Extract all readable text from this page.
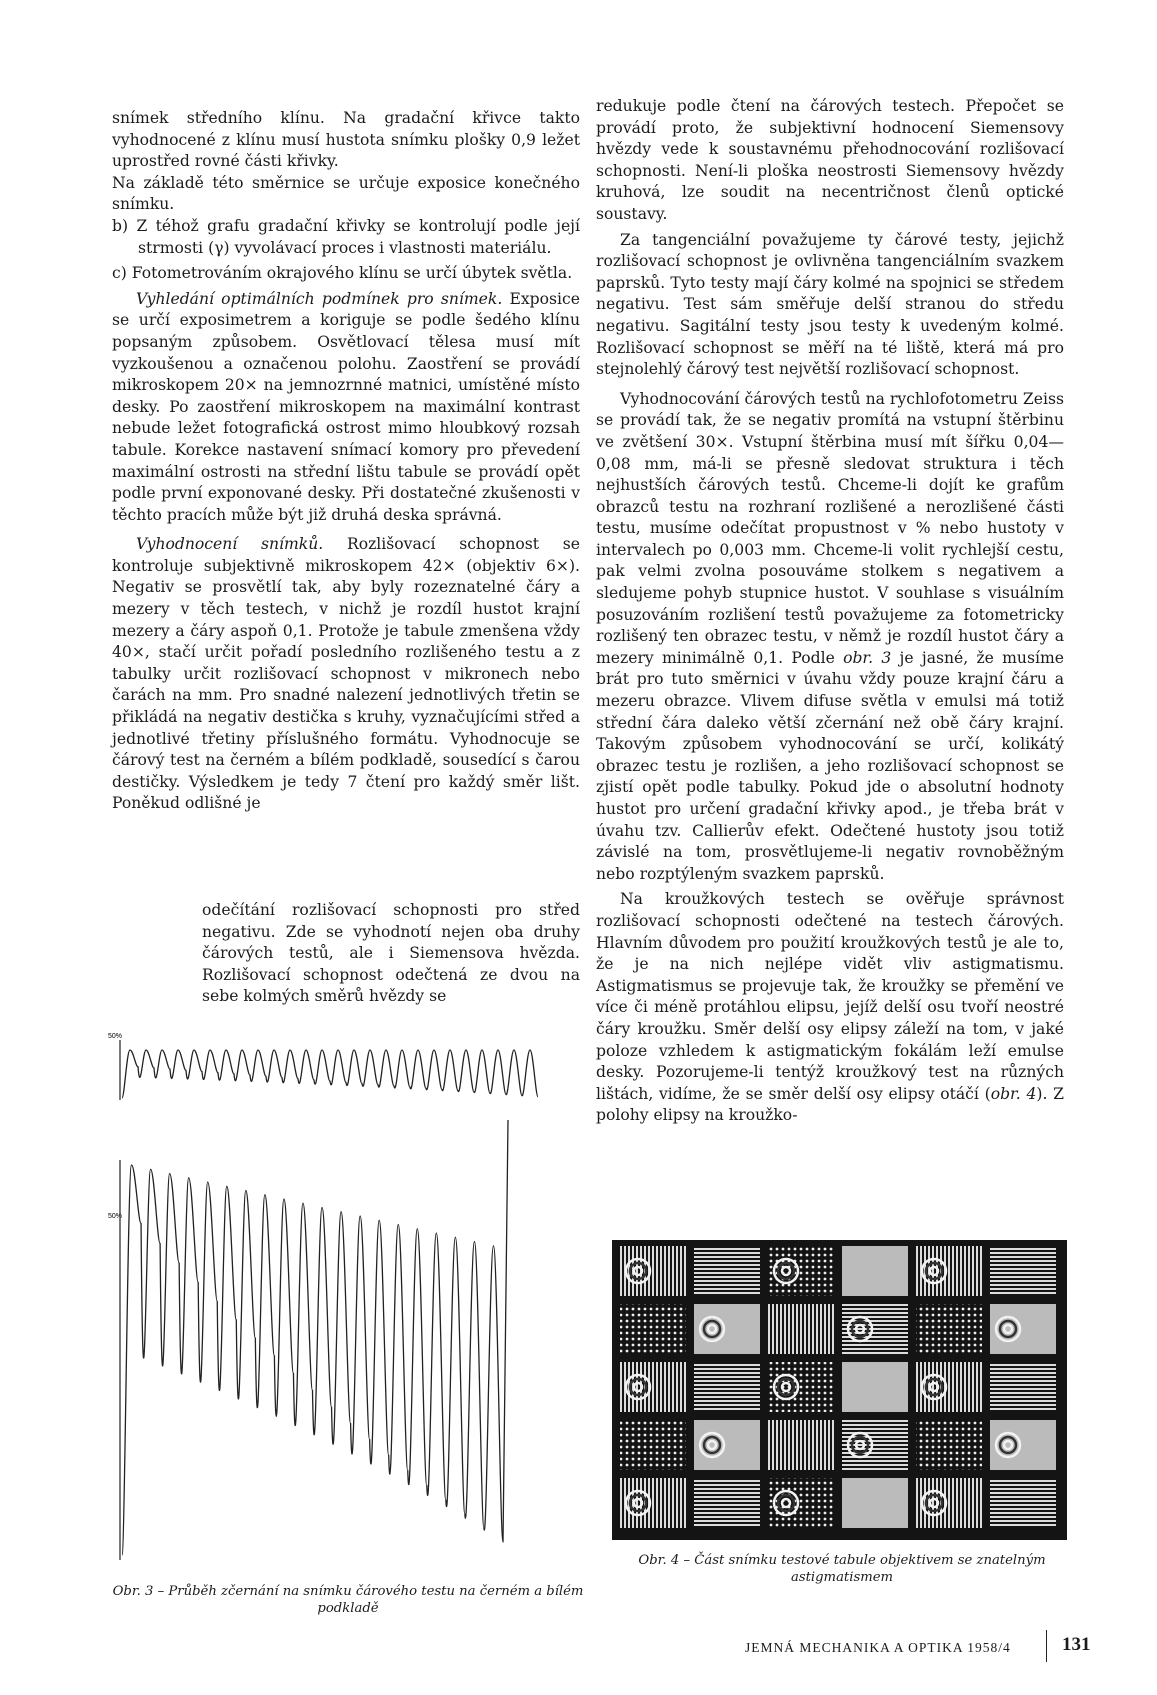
snímek středního klínu. Na gradační křivce takto vyhodnocené z klínu musí hustota snímku plošky 0,9 ležet uprostřed rovné části křivky.

Na základě této směrnice se určuje exposice konečného snímku.

b) Z téhož grafu gradační křivky se kontrolují podle její strmosti (γ) vyvolávací proces i vlastnosti materiálu.

c) Fotometrováním okrajového klínu se určí úbytek světla.

Vyhledání optimálních podmínek pro snímek. Exposice se určí exposimetrem a koriguje se podle šedého klínu popsaným způsobem. Osvětlovací tělesa musí mít vyzkoušenou a označenou polohu. Zaostření se provádí mikroskopem 20× na jemnozrnné matnici, umístěné místo desky. Po zaostření mikroskopem na maximální kontrast nebude ležet fotografická ostrost mimo hloubkový rozsah tabule. Korekce nastavení snímací komory pro převedení maximální ostrosti na střední lištu tabule se provádí opět podle první exponované desky. Při dostatečné zkušenosti v těchto pracích může být již druhá deska správná.

Vyhodnocení snímků. Rozlišovací schopnost se kontroluje subjektivně mikroskopem 42× (objektiv 6×). Negativ se prosvětlí tak, aby byly rozeznatelné čáry a mezery v těch testech, v nichž je rozdíl hustot krajní mezery a čáry aspoň 0,1. Protože je tabule zmenšena vždy 40×, stačí určit pořadí posledního rozlišeného testu a z tabulky určit rozlišovací schopnost v mikronech nebo čarách na mm. Pro snadné nalezení jednotlivých třetin se přikládá na negativ destička s kruhy, vyznačujícími střed a jednotlivé třetiny příslušného formátu. Vyhodnocuje se čárový test na černém a bílém podkladě, sousedící s čarou destičky. Výsledkem je tedy 7 čtení pro každý směr lišt. Poněkud odlišné je

odečítání rozlišovací schopnosti pro střed negativu. Zde se vyhodnotí nejen oba druhy čárových testů, ale i Siemensova hvězda. Rozlišovací schopnost odečtená ze dvou na sebe kolmých směrů hvězdy se

redukuje podle čtení na čárových testech. Přepočet se provádí proto, že subjektivní hodnocení Siemensovy hvězdy vede k soustavnému přehodnocování rozlišovací schopnosti. Není-li ploška neostrosti Siemensovy hvězdy kruhová, lze soudit na necentričnost členů optické soustavy.

Za tangenciální považujeme ty čárové testy, jejichž rozlišovací schopnost je ovlivněna tangenciálním svazkem paprsků. Tyto testy mají čáry kolmé na spojnici se středem negativu. Test sám směřuje delší stranou do středu negativu. Sagitální testy jsou testy k uvedeným kolmé. Rozlišovací schopnost se měří na té liště, která má pro stejnolehlý čárový test největší rozlišovací schopnost.

Vyhodnocování čárových testů na rychlofotometru Zeiss se provádí tak, že se negativ promítá na vstupní štěrbinu ve zvětšení 30×. Vstupní štěrbina musí mít šířku 0,04—0,08 mm, má-li se přesně sledovat struktura i těch nejhustších čárových testů. Chceme-li dojít ke grafům obrazců testu na rozhraní rozlišené a nerozlišené části testu, musíme odečítat propustnost v % nebo hustoty v intervalech po 0,003 mm. Chceme-li volit rychlejší cestu, pak velmi zvolna posouváme stolkem s negativem a sledujeme pohyb stupnice hustot. V souhlase s visuálním posuzováním rozlišení testů považujeme za fotometricky rozlišený ten obrazec testu, v němž je rozdíl hustot čáry a mezery minimálně 0,1. Podle obr. 3 je jasné, že musíme brát pro tuto směrnici v úvahu vždy pouze krajní čáru a mezeru obrazce. Vlivem difuse světla v emulsi má totiž střední čára daleko větší zčernání než obě čáry krajní. Takovým způsobem vyhodnocování se určí, kolikátý obrazec testu je rozlišen, a jeho rozlišovací schopnost se zjistí opět podle tabulky. Pokud jde o absolutní hodnoty hustot pro určení gradační křivky apod., je třeba brát v úvahu tzv. Callierův efekt. Odečtené hustoty jsou totiž závislé na tom, prosvětlujeme-li negativ rovnoběžným nebo rozptýleným svazkem paprsků.

Na kroužkových testech se ověřuje správnost rozlišovací schopnosti odečtené na testech čárových. Hlavním důvodem pro použití kroužkových testů je ale to, že je na nich nejlépe vidět vliv astigmatismu. Astigmatismus se projevuje tak, že kroužky se přemění ve více či méně protáhlou elipsu, jejíž delší osu tvoří neostré čáry kroužku. Směr delší osy elipsy záleží na tom, v jaké poloze vzhledem k astigmatickým fokálám leží emulse desky. Pozorujeme-li tentýž kroužkový test na různých lištách, vidíme, že se směr delší osy elipsy otáčí (obr. 4). Z polohy elipsy na kroužko-

50%
50%
Obr. 3 – Průběh zčernání na snímku čárového testu na černém a bílém podkladě
Obr. 4 – Část snímku testové tabule objektivem se znatelným astigmatismem
JEMNÁ MECHANIKA A OPTIKA 1958/4	131
